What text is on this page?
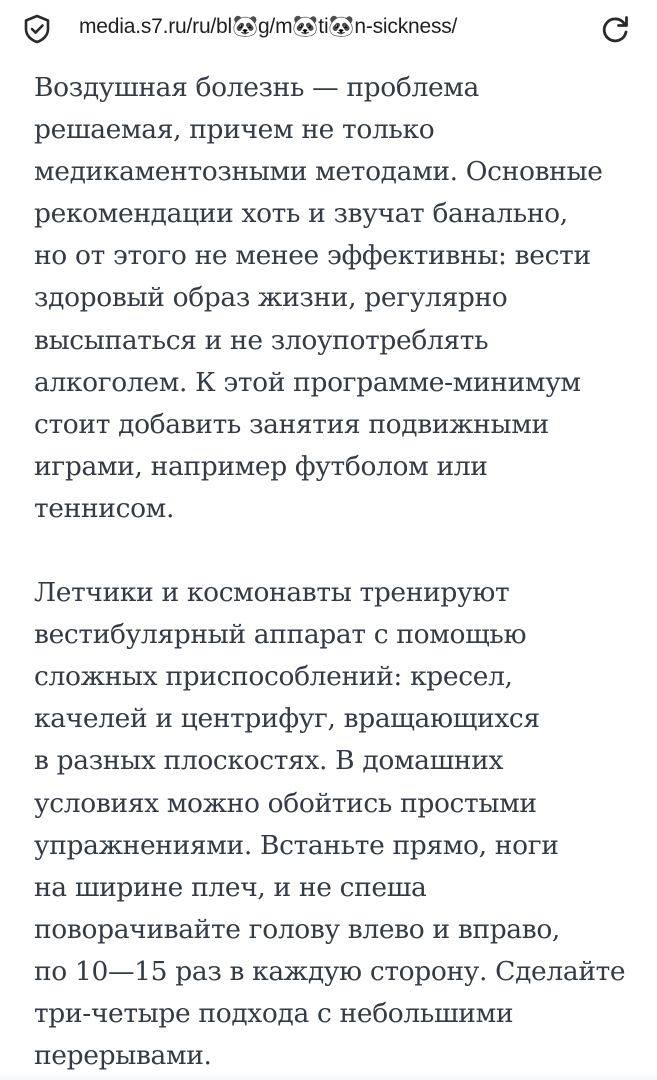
media.s7.ru/ru/bl🐼g/m🐼ti🐼n-sickness/

Воздушная болезнь — проблема
решаемая, причем не только
медикаментозными методами. Основные
рекомендации хоть и звучат банально,
но от этого не менее эффективны: вести
здоровый образ жизни, регулярно
высыпаться и не злоупотреблять
алкоголем. К этой программе-минимум
стоит добавить занятия подвижными
играми, например футболом или
теннисом.

Летчики и космонавты тренируют
вестибулярный аппарат с помощью
сложных приспособлений: кресел,
качелей и центрифуг, вращающихся
в разных плоскостях. В домашних
условиях можно обойтись простыми
упражнениями. Встаньте прямо, ноги
на ширине плеч, и не спеша
поворачивайте голову влево и вправо,
по 10—15 раз в каждую сторону. Сделайте
три-четыре подхода с небольшими
перерывами.
